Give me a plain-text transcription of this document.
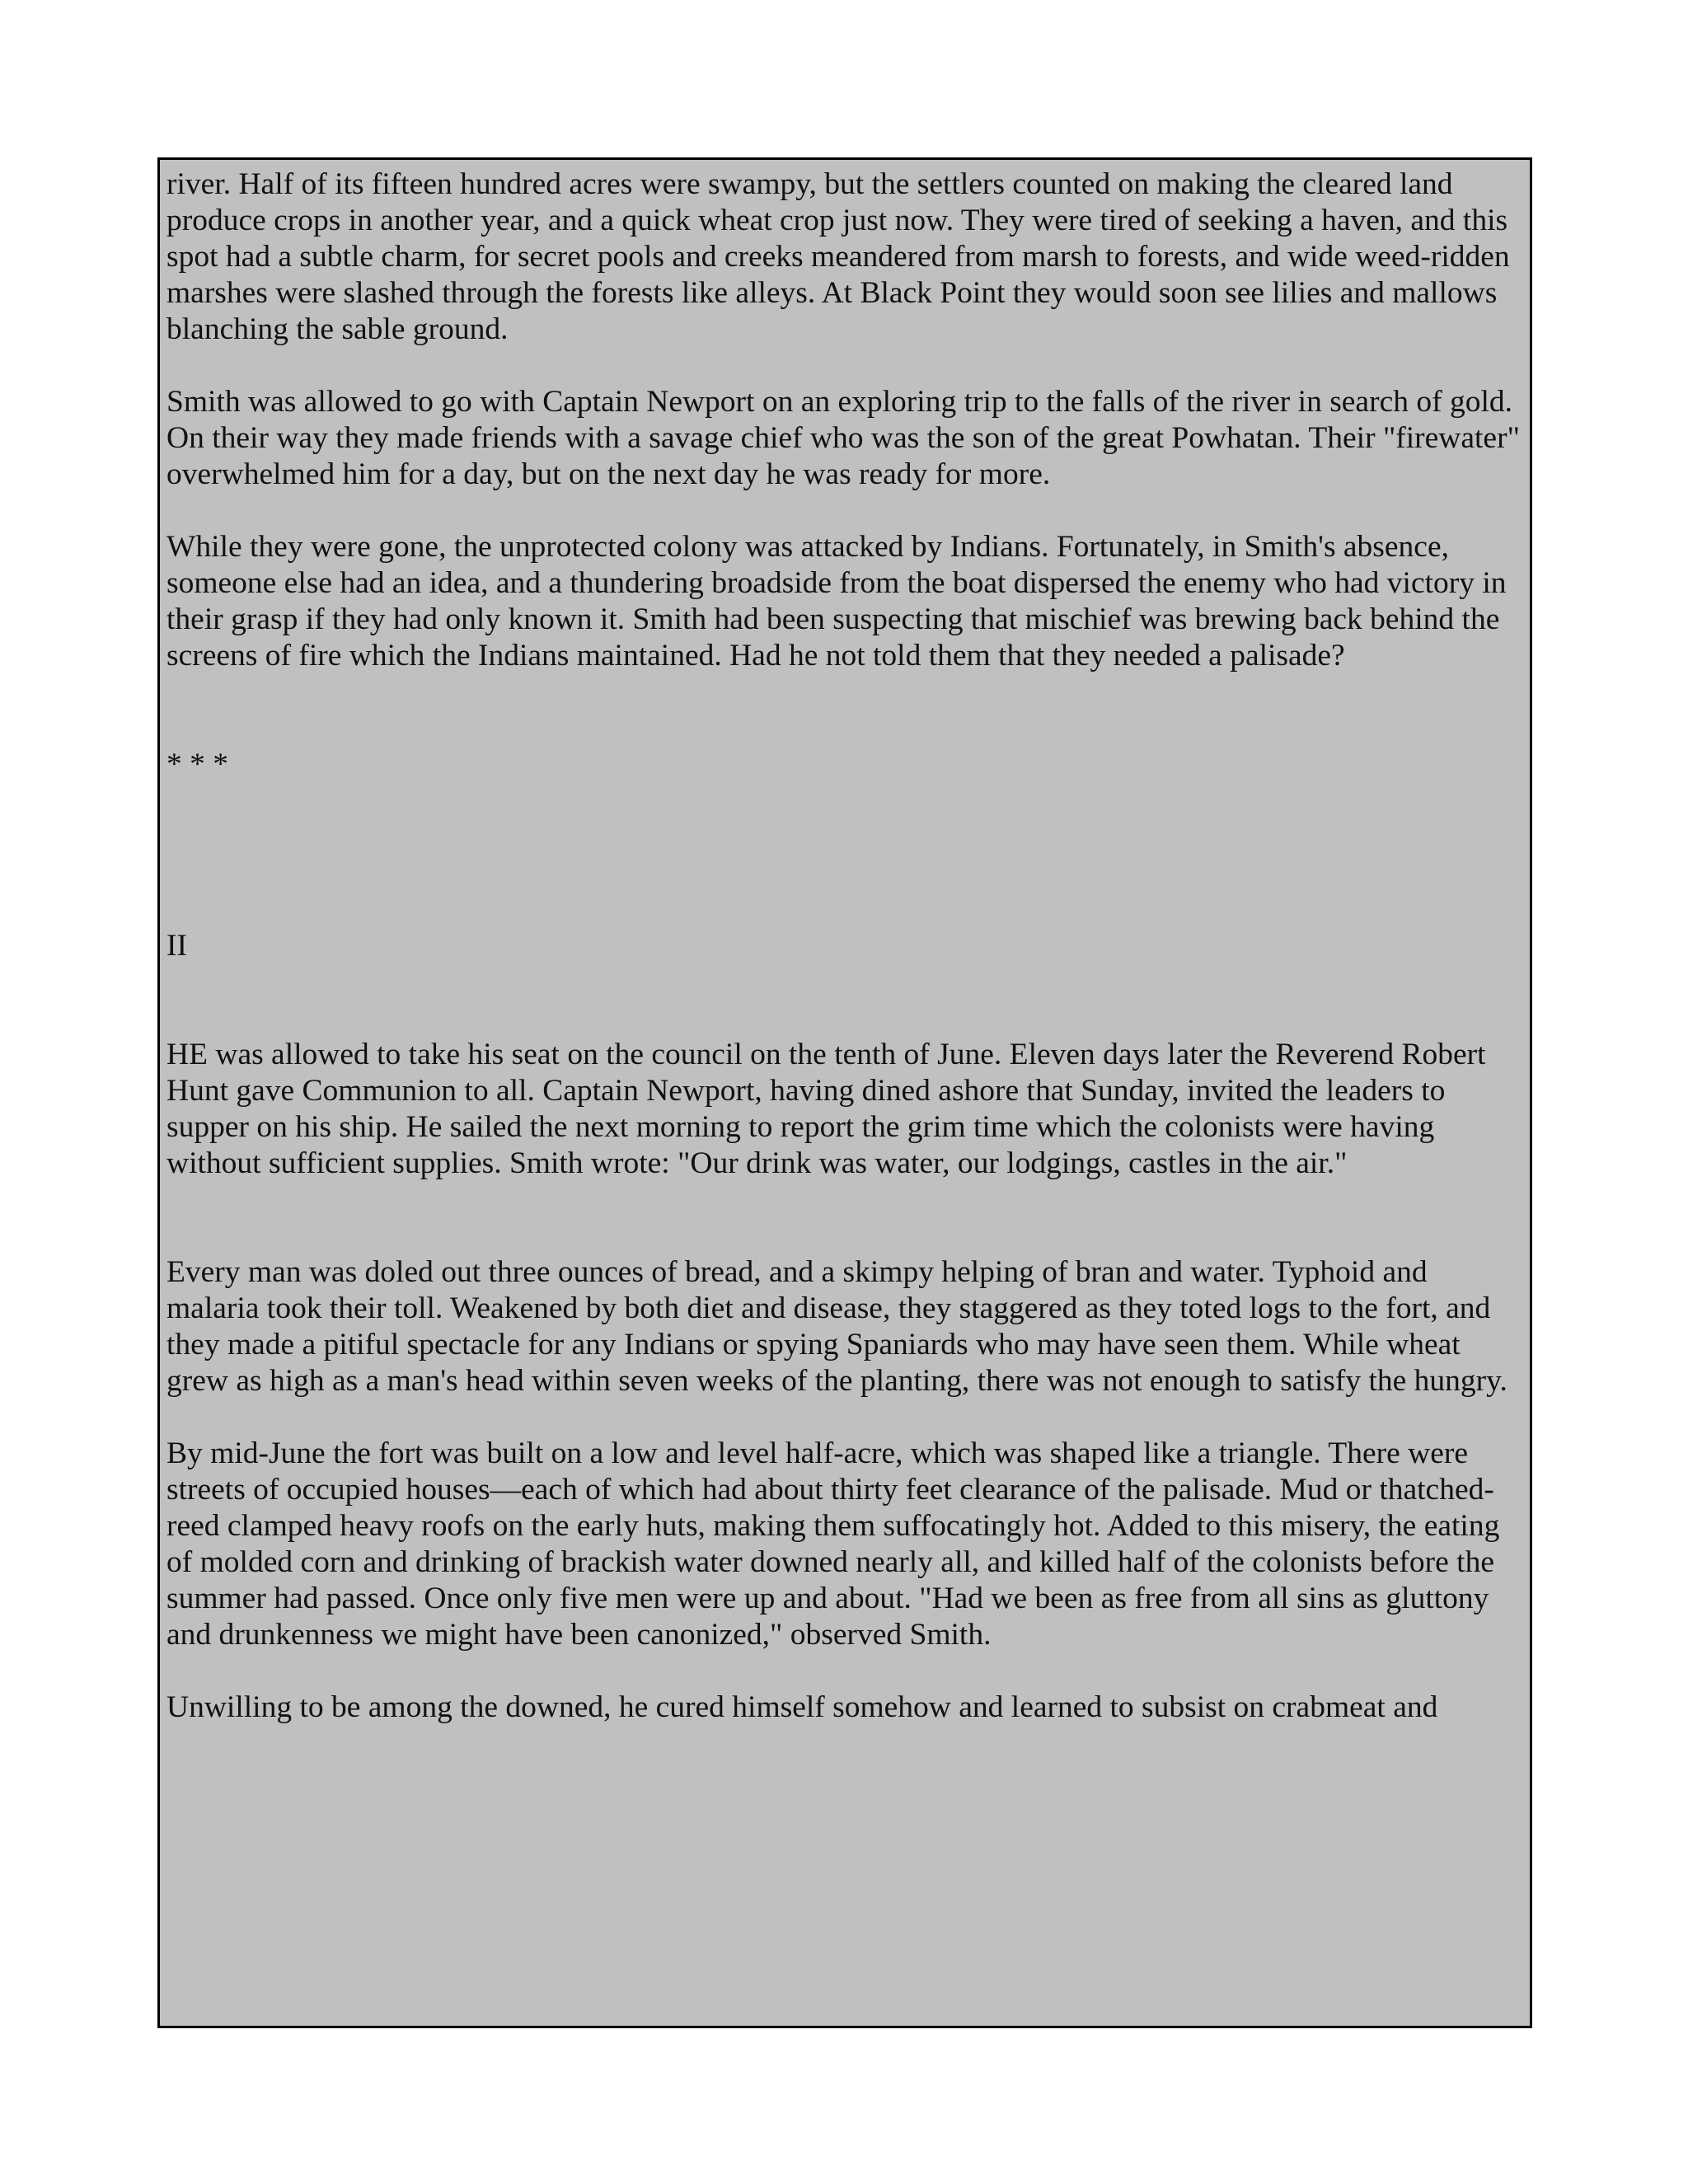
river. Half of its fifteen hundred acres were swampy, but the settlers counted on making the cleared land produce crops in another year, and a quick wheat crop just now. They were tired of seeking a haven, and this spot had a subtle charm, for secret pools and creeks meandered from marsh to forests, and wide weed-ridden marshes were slashed through the forests like alleys. At Black Point they would soon see lilies and mallows blanching the sable ground.

Smith was allowed to go with Captain Newport on an exploring trip to the falls of the river in search of gold. On their way they made friends with a savage chief who was the son of the great Powhatan. Their "firewater" overwhelmed him for a day, but on the next day he was ready for more.

While they were gone, the unprotected colony was attacked by Indians. Fortunately, in Smith's absence, someone else had an idea, and a thundering broadside from the boat dispersed the enemy who had victory in their grasp if they had only known it. Smith had been suspecting that mischief was brewing back behind the screens of fire which the Indians maintained. Had he not told them that they needed a palisade?

* * *

II

HE was allowed to take his seat on the council on the tenth of June. Eleven days later the Reverend Robert Hunt gave Communion to all. Captain Newport, having dined ashore that Sunday, invited the leaders to supper on his ship. He sailed the next morning to report the grim time which the colonists were having without sufficient supplies. Smith wrote: "Our drink was water, our lodgings, castles in the air."

Every man was doled out three ounces of bread, and a skimpy helping of bran and water. Typhoid and malaria took their toll. Weakened by both diet and disease, they staggered as they toted logs to the fort, and they made a pitiful spectacle for any Indians or spying Spaniards who may have seen them. While wheat grew as high as a man's head within seven weeks of the planting, there was not enough to satisfy the hungry.

By mid-June the fort was built on a low and level half-acre, which was shaped like a triangle. There were streets of occupied houses—each of which had about thirty feet clearance of the palisade. Mud or thatched-reed clamped heavy roofs on the early huts, making them suffocatingly hot. Added to this misery, the eating of molded corn and drinking of brackish water downed nearly all, and killed half of the colonists before the summer had passed. Once only five men were up and about. "Had we been as free from all sins as gluttony and drunkenness we might have been canonized," observed Smith.

Unwilling to be among the downed, he cured himself somehow and learned to subsist on crabmeat and
